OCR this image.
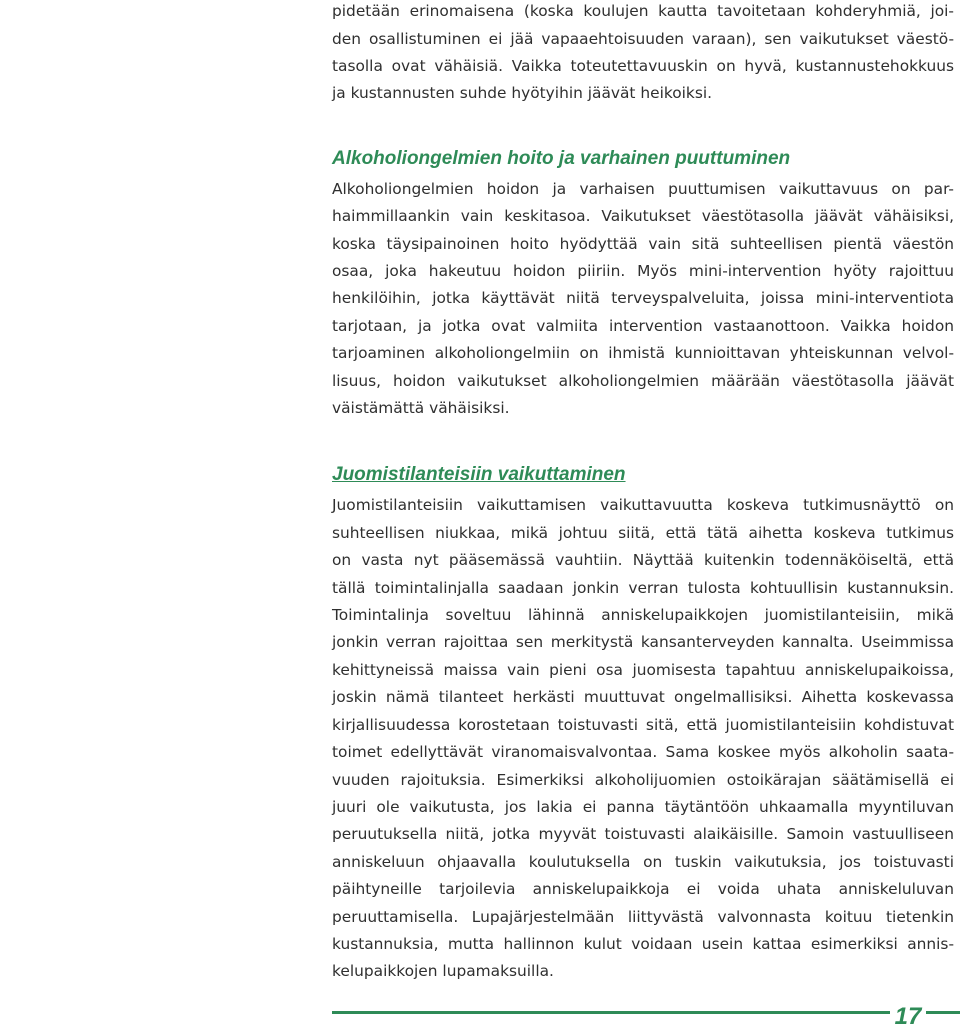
pidetään erinomaisena (koska koulujen kautta tavoitetaan kohderyhmiä, joi-
den osallistuminen ei jää vapaaehtoisuuden varaan), sen vaikutukset väestö-
tasolla ovat vähäisiä. Vaikka toteutettavuuskin on hyvä, kustannustehokkuus
ja kustannusten suhde hyötyihin jäävät heikoiksi.
Alkoholiongelmien hoito ja varhainen puuttuminen
Alkoholiongelmien hoidon ja varhaisen puuttumisen vaikuttavuus on par-
haimmillaankin vain keskitasoa. Vaikutukset väestötasolla jäävät vähäisiksi,
koska täysipainoinen hoito hyödyttää vain sitä suhteellisen pientä väestön
osaa, joka hakeutuu hoidon piiriin. Myös mini-intervention hyöty rajoittuu
henkilöihin, jotka käyttävät niitä terveyspalveluita, joissa mini-interventiota
tarjotaan, ja jotka ovat valmiita intervention vastaanottoon. Vaikka hoidon
tarjoaminen alkoholiongelmiin on ihmistä kunnioittavan yhteiskunnan velvol-
lisuus, hoidon vaikutukset alkoholiongelmien määrään väestötasolla jäävät
väistämättä vähäisiksi.
Juomistilanteisiin vaikuttaminen
Juomistilanteisiin vaikuttamisen vaikuttavuutta koskeva tutkimusnäyttö on
suhteellisen niukkaa, mikä johtuu siitä, että tätä aihetta koskeva tutkimus
on vasta nyt pääsemässä vauhtiin. Näyttää kuitenkin todennäköiseltä, että
tällä toimintalinjalla saadaan jonkin verran tulosta kohtuullisin kustannuksin.
Toimintalinja soveltuu lähinnä anniskelupaikkojen juomistilanteisiin, mikä
jonkin verran rajoittaa sen merkitystä kansanterveyden kannalta. Useimmissa
kehittyneissä maissa vain pieni osa juomisesta tapahtuu anniskelupaikoissa,
joskin nämä tilanteet herkästi muuttuvat ongelmallisiksi. Aihetta koskevassa
kirjallisuudessa korostetaan toistuvasti sitä, että juomistilanteisiin kohdistuvat
toimet edellyttävät viranomaisvalvontaa. Sama koskee myös alkoholin saata-
vuuden rajoituksia. Esimerkiksi alkoholijuomien ostoikärajan säätämisellä ei
juuri ole vaikutusta, jos lakia ei panna täytäntöön uhkaamalla myyntiluvan
peruutuksella niitä, jotka myyvät toistuvasti alaikäisille. Samoin vastuulliseen
anniskeluun ohjaavalla koulutuksella on tuskin vaikutuksia, jos toistuvasti
päihtyneille tarjoilevia anniskelupaikkoja ei voida uhata anniskeluluvan
peruuttamisella. Lupajärjestelmään liittyvästä valvonnasta koituu tietenkin
kustannuksia, mutta hallinnon kulut voidaan usein kattaa esimerkiksi annis-
kelupaikkojen lupamaksuilla.
17
